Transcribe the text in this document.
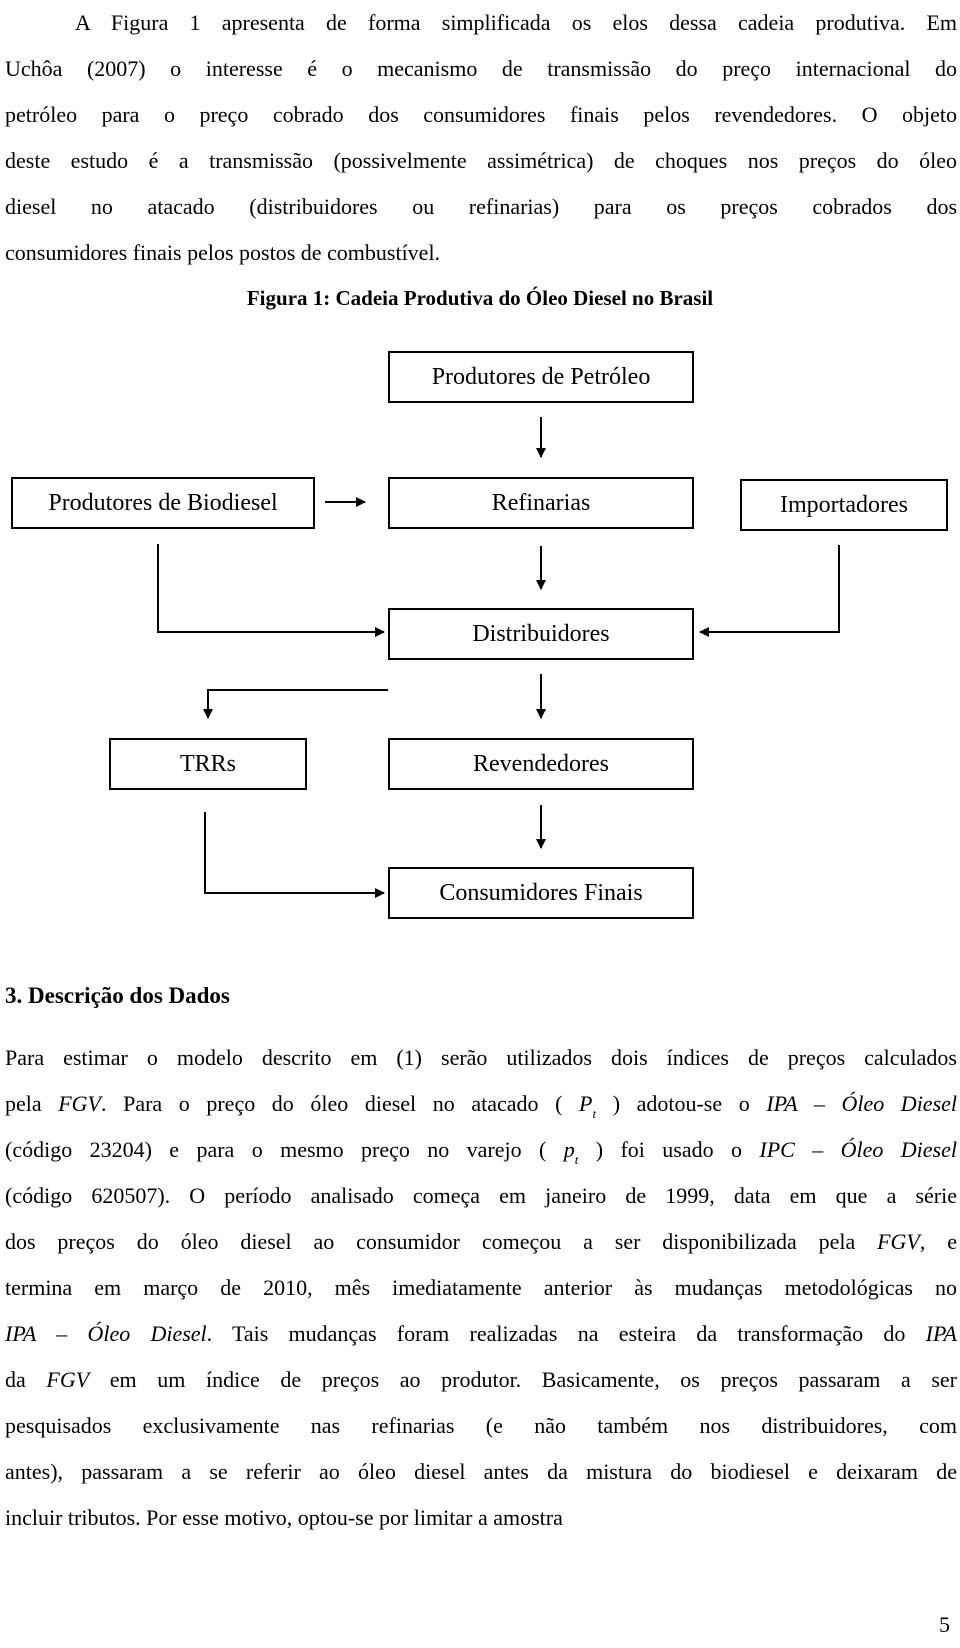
A Figura 1 apresenta de forma simplificada os elos dessa cadeia produtiva. Em
Uchôa (2007) o interesse é o mecanismo de transmissão do preço internacional do
petróleo para o preço cobrado dos consumidores finais pelos revendedores. O objeto
deste estudo é a transmissão (possivelmente assimétrica) de choques nos preços do óleo
diesel no atacado (distribuidores ou refinarias) para os preços cobrados dos
consumidores finais pelos postos de combustível.
Figura 1: Cadeia Produtiva do Óleo Diesel no Brasil
Produtores de Petróleo
Produtores de Biodiesel	Refinarias	Importadores
Distribuidores
TRRs	Revendedores
Consumidores Finais
3. Descrição dos Dados
Para estimar o modelo descrito em (1) serão utilizados dois índices de preços calculados
pela FGV. Para o preço do óleo diesel no atacado ( $P_t$ ) adotou-se o IPA – Óleo Diesel
(código 23204) e para o mesmo preço no varejo ( $p_t$ ) foi usado o IPC – Óleo Diesel
(código 620507). O período analisado começa em janeiro de 1999, data em que a série
dos preços do óleo diesel ao consumidor começou a ser disponibilizada pela FGV, e
termina em março de 2010, mês imediatamente anterior às mudanças metodológicas no
IPA – Óleo Diesel. Tais mudanças foram realizadas na esteira da transformação do IPA
da FGV em um índice de preços ao produtor. Basicamente, os preços passaram a ser
pesquisados exclusivamente nas refinarias (e não também nos distribuidores, com
antes), passaram a se referir ao óleo diesel antes da mistura do biodiesel e deixaram de
incluir tributos. Por esse motivo, optou-se por limitar a amostra
5
